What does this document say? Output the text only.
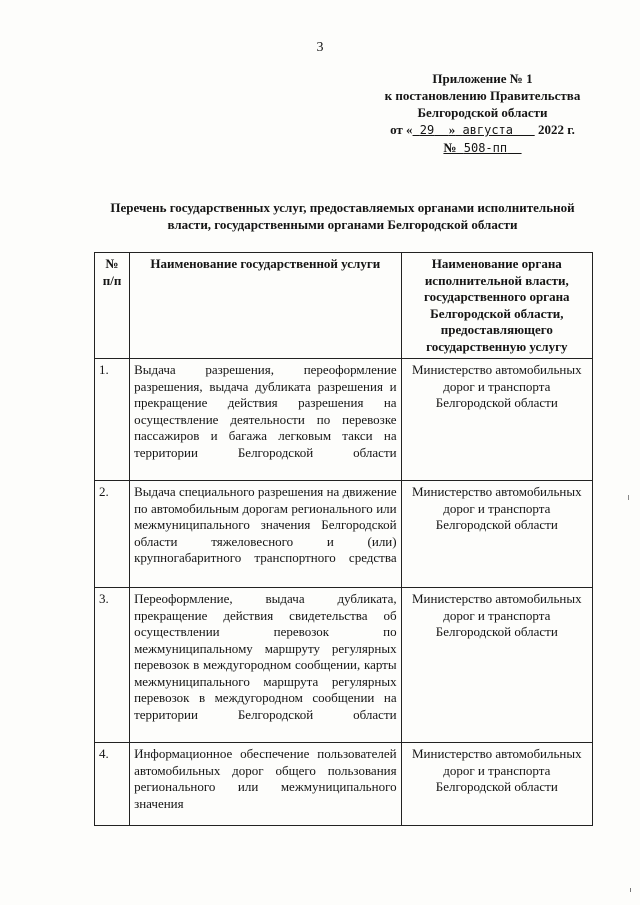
3
Приложение № 1
к постановлению Правительства
Белгородской области
от « 29 » августа 2022 г.
№ 508-пп
Перечень государственных услуг, предоставляемых органами исполнительной власти, государственными органами Белгородской области
№ п/п	Наименование государственной услуги	Наименование органа исполнительной власти, государственного органа Белгородской области, предоставляющего государственную услугу
1.	Выдача разрешения, переоформление разрешения, выдача дубликата разрешения и прекращение действия разрешения на осуществление деятельности по перевозке пассажиров и багажа легковым такси на территории Белгородской области	Министерство автомобильных дорог и транспорта Белгородской области
2.	Выдача специального разрешения на движение по автомобильным дорогам регионального или межмуниципального значения Белгородской области тяжеловесного и (или) крупногабаритного транспортного средства	Министерство автомобильных дорог и транспорта Белгородской области
3.	Переоформление, выдача дубликата, прекращение действия свидетельства об осуществлении перевозок по межмуниципальному маршруту регулярных перевозок в междугородном сообщении, карты межмуниципального маршрута регулярных перевозок в междугородном сообщении на территории Белгородской области	Министерство автомобильных дорог и транспорта Белгородской области
4.	Информационное обеспечение пользователей автомобильных дорог общего пользования регионального или межмуниципального значения	Министерство автомобильных дорог и транспорта Белгородской области
